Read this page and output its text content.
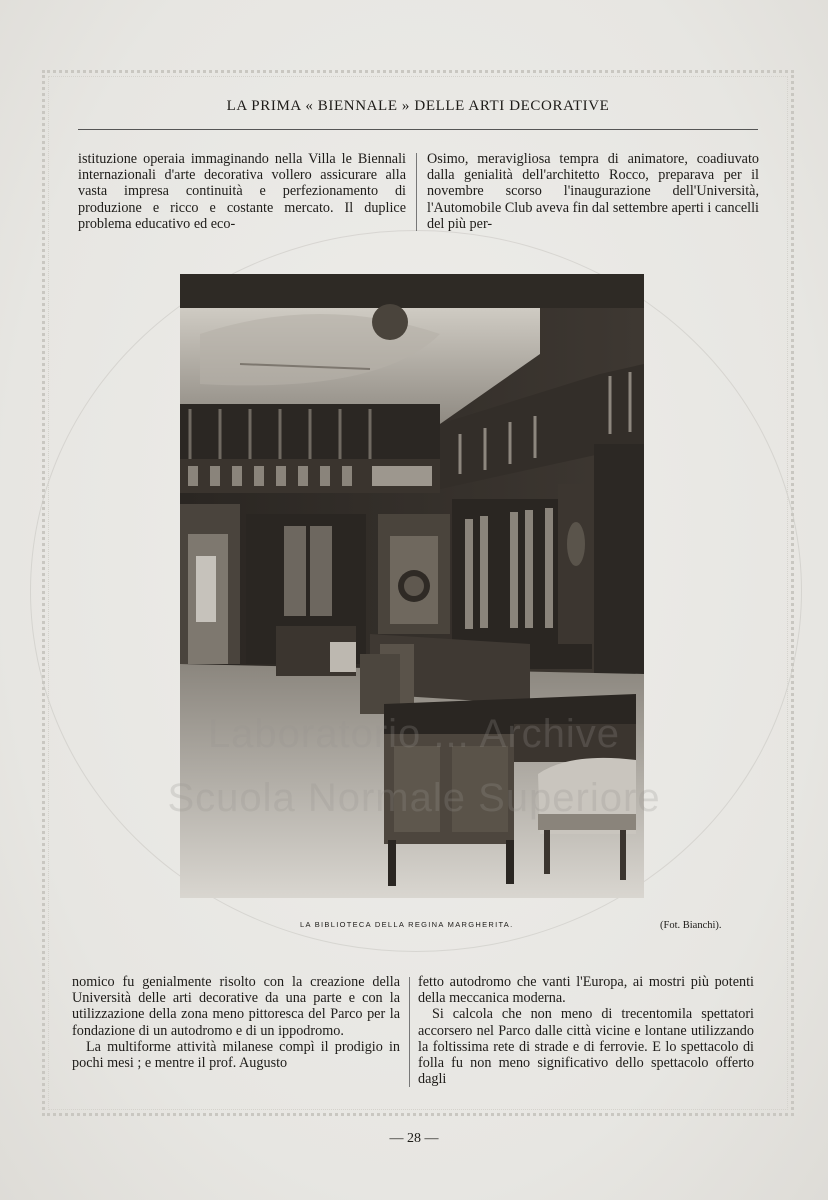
LA PRIMA « BIENNALE » DELLE ARTI DECORATIVE

istituzione operaia immaginando nella Villa le Biennali internazionali d'arte decorativa vollero assicurare alla vasta impresa continuità e perfezionamento di produzione e ricco e costante mercato. Il duplice problema educativo ed eco-

Osimo, meravigliosa tempra di animatore, coadiuvato dalla genialità dell'architetto Rocco, preparava per il novembre scorso l'inaugurazione dell'Università, l'Automobile Club aveva fin dal settembre aperti i cancelli del più per-

LA BIBLIOTECA DELLA REGINA MARGHERITA.	(Fot. Bianchi).

nomico fu genialmente risolto con la creazione della Università delle arti decorative da una parte e con la utilizzazione della zona meno pittoresca del Parco per la fondazione di un autodromo e di un ippodromo.

La multiforme attività milanese compì il prodigio in pochi mesi ; e mentre il prof. Augusto

fetto autodromo che vanti l'Europa, ai mostri più potenti della meccanica moderna.

Si calcola che non meno di trecentomila spettatori accorsero nel Parco dalle città vicine e lontane utilizzando la foltissima rete di strade e di ferrovie. E lo spettacolo di folla fu non meno significativo dello spettacolo offerto dagli

Laboratorio ... Archive
Scuola Normale Superiore
— 28 —
